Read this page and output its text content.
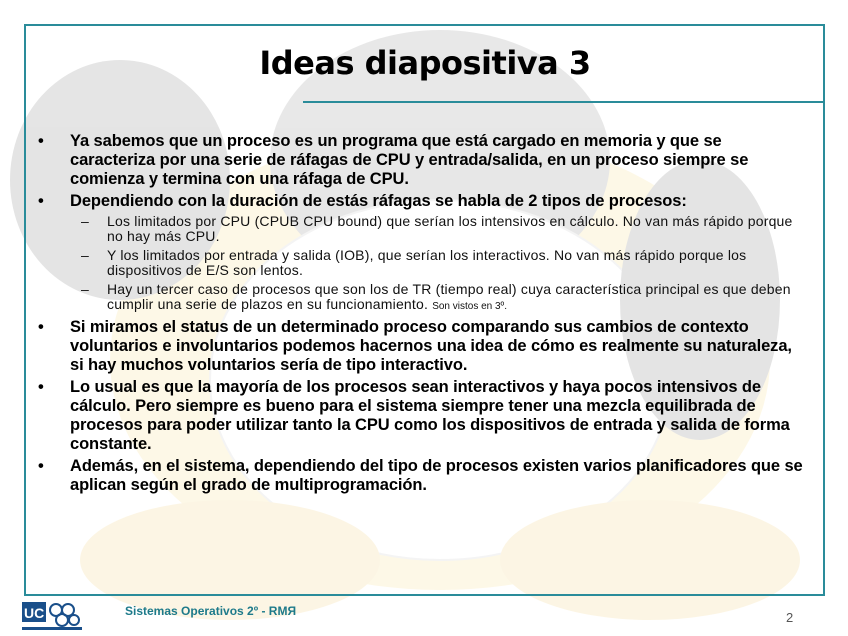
Ideas diapositiva 3
• Ya sabemos que un proceso es un programa que está cargado en memoria y que se caracteriza por una serie de ráfagas de CPU y entrada/salida, en un proceso siempre se comienza y termina con una ráfaga de CPU.
• Dependiendo con la duración de estás ráfagas se habla de 2 tipos de procesos:
– Los limitados por CPU (CPUB CPU bound) que serían los intensivos en cálculo. No van más rápido porque no hay más CPU.
– Y los limitados por entrada y salida (IOB), que serían los interactivos. No van más rápido porque los dispositivos de E/S son lentos.
– Hay un tercer caso de procesos que son los de TR (tiempo real) cuya característica principal es que deben cumplir una serie de plazos en su funcionamiento. Son vistos en 3º.
• Si miramos el status de un determinado proceso comparando sus cambios de contexto voluntarios e involuntarios podemos hacernos una idea de cómo es realmente su naturaleza, si hay muchos voluntarios sería de tipo interactivo.
• Lo usual es que la mayoría de los procesos sean interactivos y haya pocos intensivos de cálculo. Pero siempre es bueno para el sistema siempre tener una mezcla equilibrada de procesos para poder utilizar tanto la CPU como los dispositivos de entrada y salida de forma constante.
• Además, en el sistema, dependiendo del tipo de procesos existen varios planificadores que se aplican según el grado de multiprogramación.
UC	Sistemas Operativos 2º - RMЯ	2
